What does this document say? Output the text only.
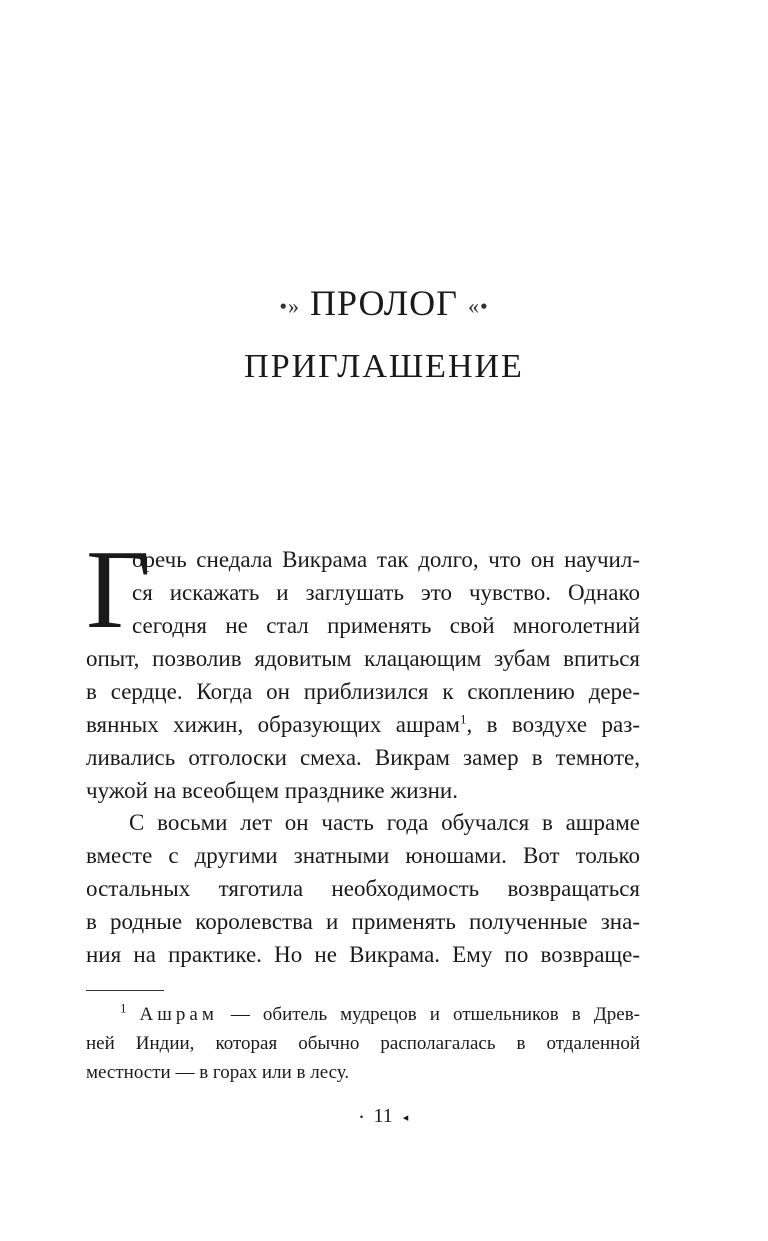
•» ПРОЛОГ «•
ПРИГЛАШЕНИЕ
Г
оречь снедала Викрама так долго, что он научил-
ся искажать и заглушать это чувство. Однако
сегодня не стал применять свой многолетний
опыт, позволив ядовитым клацающим зубам впиться
в сердце. Когда он приблизился к скоплению дере-
вянных хижин, образующих ашрам$^1$, в воздухе раз-
ливались отголоски смеха. Викрам замер в темноте,
чужой на всеобщем празднике жизни.
С восьми лет он часть года обучался в ашраме
вместе с другими знатными юношами. Вот только
остальных тяготила необходимость возвращаться
в родные королевства и применять полученные зна-
ния на практике. Но не Викрама. Ему по возвраще-
$^1$ Ашрам — обитель мудрецов и отшельников в Древ-
ней Индии, которая обычно располагалась в отдаленной
местности — в горах или в лесу.
• 11 ◂
